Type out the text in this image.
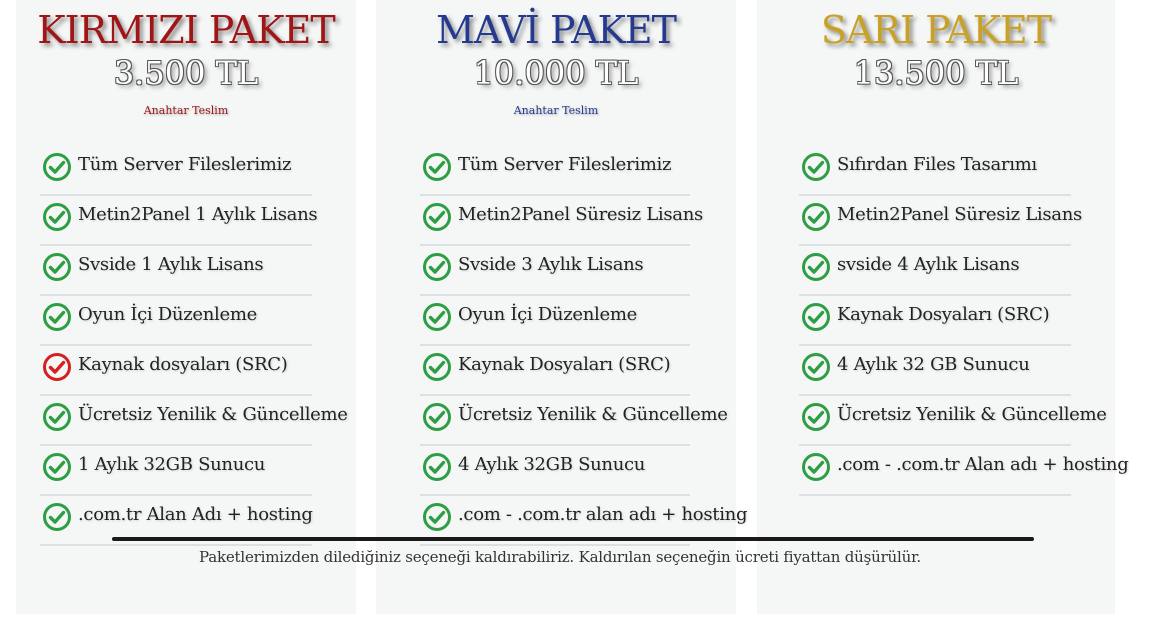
KIRMIZI PAKET
3.500 TL
Anahtar Teslim
Tüm Server Fileslerimiz
Metin2Panel 1 Aylık Lisans
Svside 1 Aylık Lisans
Oyun İçi Düzenleme
Kaynak dosyaları (SRC)
Ücretsiz Yenilik & Güncelleme
1 Aylık 32GB Sunucu
.com.tr Alan Adı + hosting
MAVİ PAKET
10.000 TL
Anahtar Teslim
Tüm Server Fileslerimiz
Metin2Panel Süresiz Lisans
Svside 3 Aylık Lisans
Oyun İçi Düzenleme
Kaynak Dosyaları (SRC)
Ücretsiz Yenilik & Güncelleme
4 Aylık 32GB Sunucu
.com - .com.tr alan adı + hosting
SARI PAKET
13.500 TL
Sıfırdan Files Tasarımı
Metin2Panel Süresiz Lisans
svside 4 Aylık Lisans
Kaynak Dosyaları (SRC)
4 Aylık 32 GB Sunucu
Ücretsiz Yenilik & Güncelleme
.com - .com.tr Alan adı + hosting
Paketlerimizden dilediğiniz seçeneği kaldırabiliriz. Kaldırılan seçeneğin ücreti fiyattan düşürülür.
